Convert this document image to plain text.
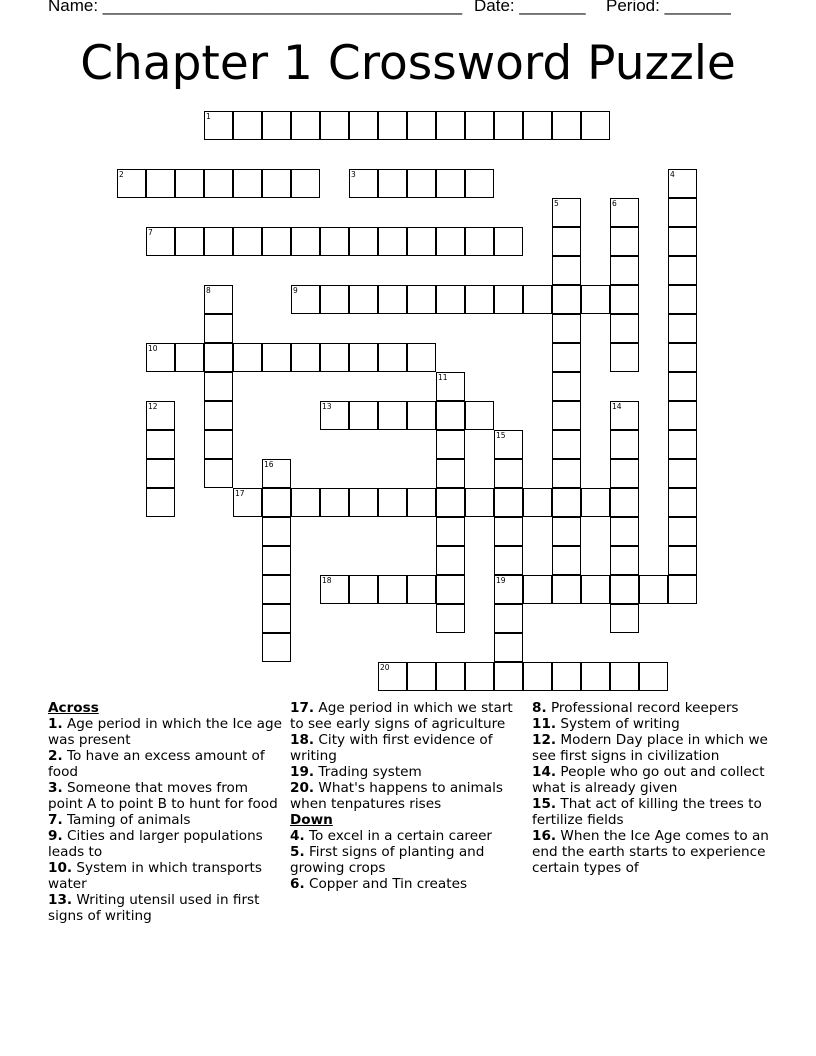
Name: ______________________________________ Date: _______ Period: _______
Chapter 1 Crossword Puzzle
1
2	3	4
5	6
7
8	9
10
11
12	13	14
15
19
16
17
18
20
Across
1. Age period in which the Ice age was present
2. To have an excess amount of food
3. Someone that moves from point A to point B to hunt for food
7. Taming of animals
9. Cities and larger populations leads to
10. System in which transports water
13. Writing utensil used in first signs of writing
17. Age period in which we start to see early signs of agriculture
18. City with first evidence of writing
19. Trading system
20. What's happens to animals when tenpatures rises
Down
4. To excel in a certain career
5. First signs of planting and growing crops
6. Copper and Tin creates
8. Professional record keepers
11. System of writing
12. Modern Day place in which we see first signs in civilization
14. People who go out and collect what is already given
15. That act of killing the trees to fertilize fields
16. When the Ice Age comes to an end the earth starts to experience certain types of
